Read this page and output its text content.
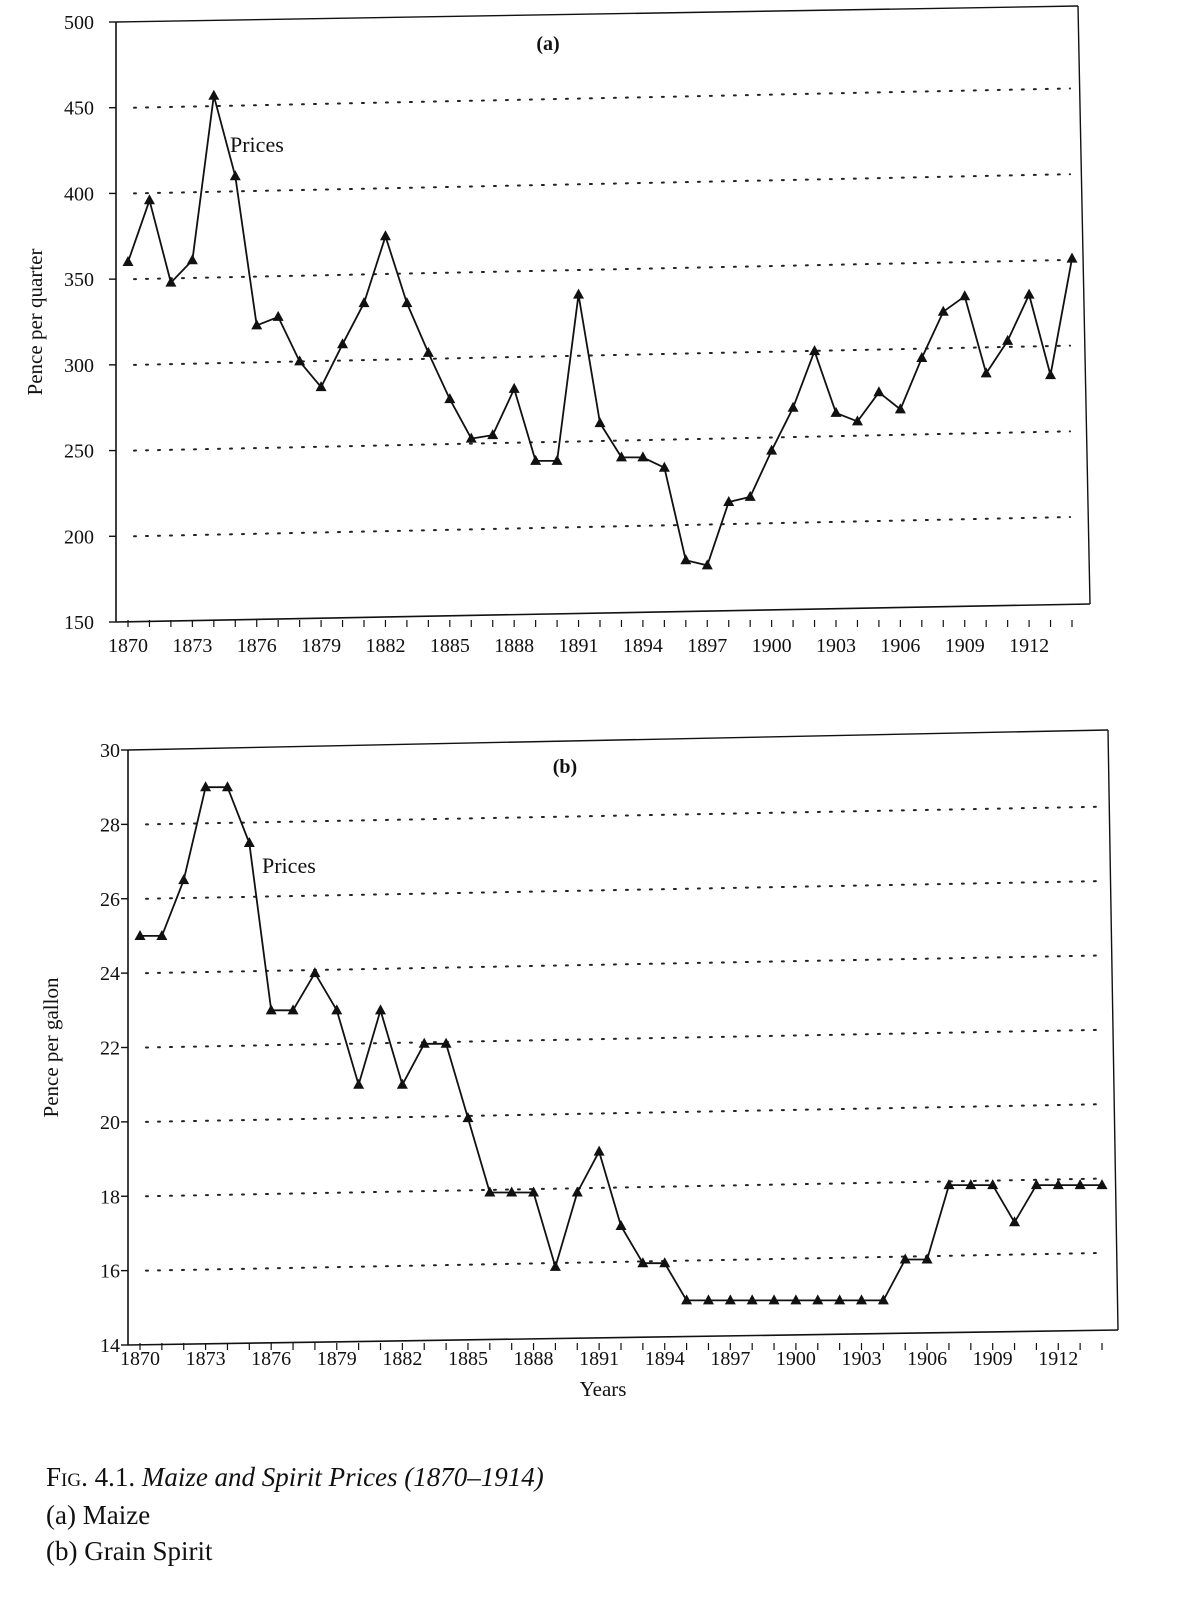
150
200
250
300
350
400
450
500
1870 1873 1876 1879 1882 1885 1888 1891 1894 1897 1900 1903 1906 1909 1912
(a)
Prices
Pence per quarter
14
16
18
20
22
24
26
28
30
1870 1873 1876 1879 1882 1885 1888 1891 1894 1897 1900 1903 1906 1909 1912
(b)
Prices
Pence per gallon
Years
Fig. 4.1. Maize and Spirit Prices (1870–1914)
(a) Maize
(b) Grain Spirit
